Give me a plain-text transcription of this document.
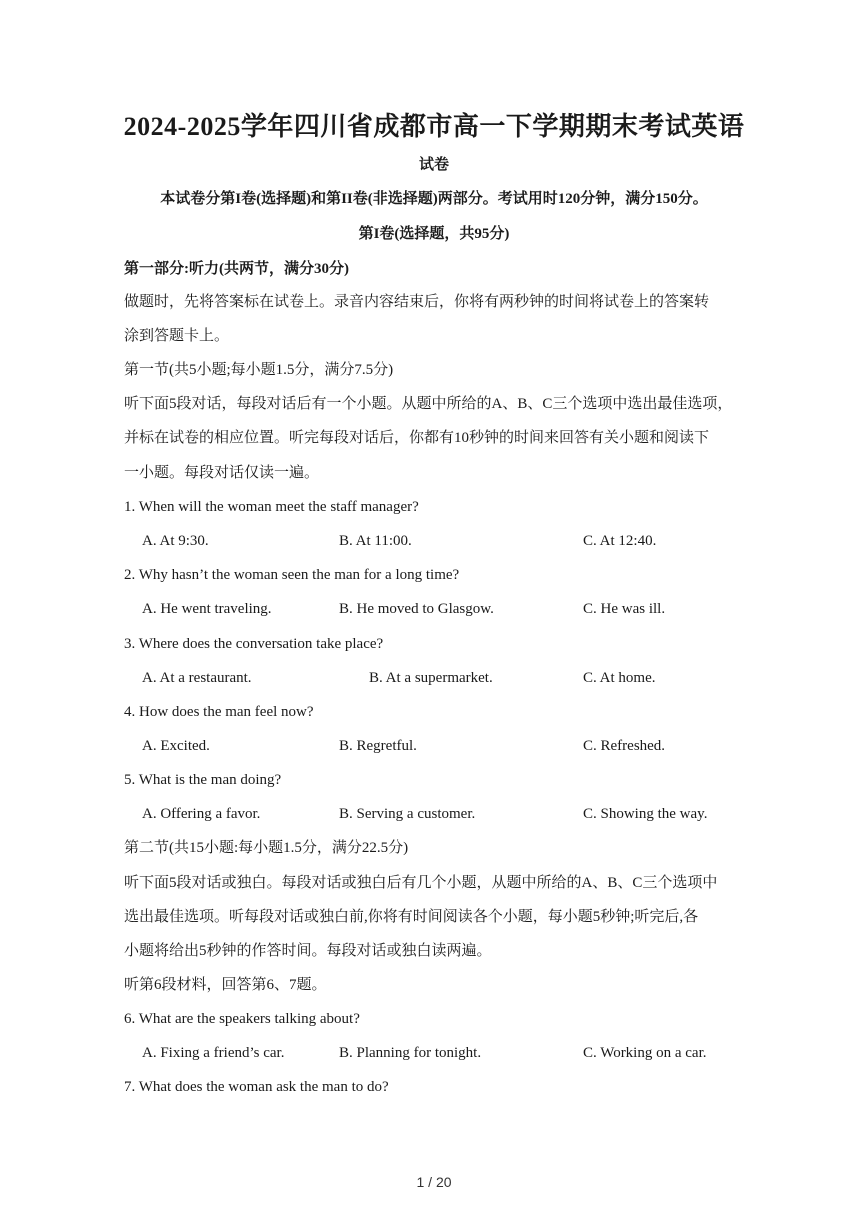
2024-2025学年四川省成都市高一下学期期末考试英语
试卷
本试卷分第I卷(选择题)和第II卷(非选择题)两部分。考试用时120分钟，满分150分。
第I卷(选择题，共95分)
第一部分:听力(共两节，满分30分)
做题时，先将答案标在试卷上。录音内容结束后，你将有两秒钟的时间将试卷上的答案转
涂到答题卡上。
第一节(共5小题;每小题1.5分，满分7.5分)
听下面5段对话，每段对话后有一个小题。从题中所给的A、B、C三个选项中选出最佳选项，
并标在试卷的相应位置。听完每段对话后，你都有10秒钟的时间来回答有关小题和阅读下
一小题。每段对话仅读一遍。
1. When will the woman meet the staff manager?
A. At 9:30.	B. At 11:00.	C. At 12:40.
2. Why hasn’t the woman seen the man for a long time?
A. He went traveling.	B. He moved to Glasgow.	C. He was ill.
3. Where does the conversation take place?
A. At a restaurant.	B. At a supermarket.	C. At home.
4. How does the man feel now?
A. Excited.	B. Regretful.	C. Refreshed.
5. What is the man doing?
A. Offering a favor.	B. Serving a customer.	C. Showing the way.
第二节(共15小题:每小题1.5分，满分22.5分)
听下面5段对话或独白。每段对话或独白后有几个小题，从题中所给的A、B、C三个选项中
选出最佳选项。听每段对话或独白前,你将有时间阅读各个小题，每小题5秒钟;听完后,各
小题将给出5秒钟的作答时间。每段对话或独白读两遍。
听第6段材料，回答第6、7题。
6. What are the speakers talking about?
A. Fixing a friend’s car.	B. Planning for tonight.	C. Working on a car.
7. What does the woman ask the man to do?
1 / 20
